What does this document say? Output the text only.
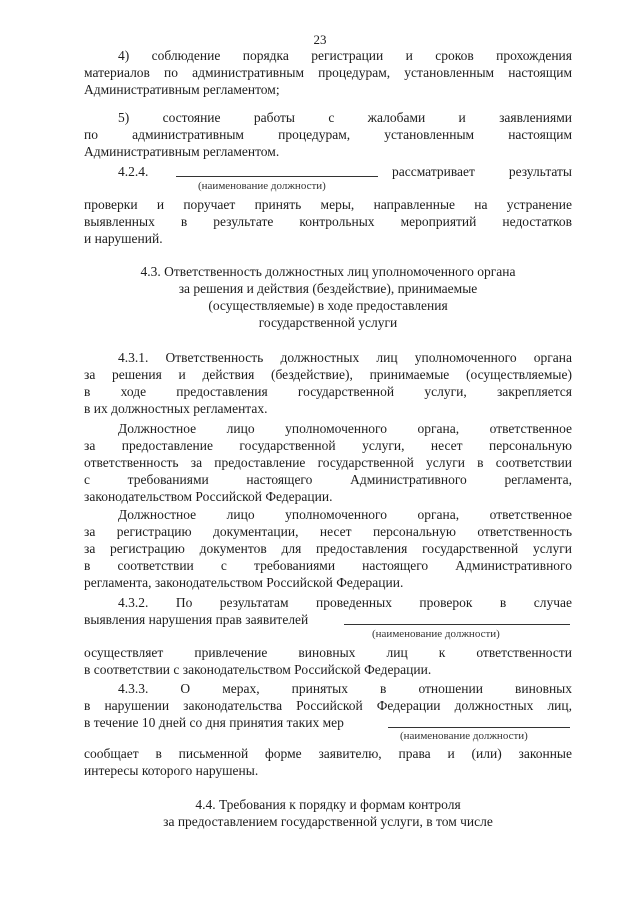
23
4) соблюдение порядка регистрации и сроков прохождения
материалов по административным процедурам, установленным настоящим
Административным регламентом;
5) состояние работы с жалобами и заявлениями
по административным процедурам, установленным настоящим
Административным регламентом.
4.2.4.	рассматривает результаты
(наименование должности)
проверки и поручает принять меры, направленные на устранение
выявленных в результате контрольных мероприятий недостатков
и нарушений.
4.3. Ответственность должностных лиц уполномоченного органа
за решения и действия (бездействие), принимаемые
(осуществляемые) в ходе предоставления
государственной услуги
4.3.1. Ответственность должностных лиц уполномоченного органа
за решения и действия (бездействие), принимаемые (осуществляемые)
в ходе предоставления государственной услуги, закрепляется
в их должностных регламентах.
Должностное лицо уполномоченного органа, ответственное
за предоставление государственной услуги, несет персональную
ответственность за предоставление государственной услуги в соответствии
с требованиями настоящего Административного регламента,
законодательством Российской Федерации.
Должностное лицо уполномоченного органа, ответственное
за регистрацию документации, несет персональную ответственность
за регистрацию документов для предоставления государственной услуги
в соответствии с требованиями настоящего Административного
регламента, законодательством Российской Федерации.
4.3.2. По результатам проведенных проверок в случае
выявления нарушения прав заявителей
(наименование должности)
осуществляет привлечение виновных лиц к ответственности
в соответствии с законодательством Российской Федерации.
4.3.3. О мерах, принятых в отношении виновных
в нарушении законодательства Российской Федерации должностных лиц,
в течение 10 дней со дня принятия таких мер
(наименование должности)
сообщает в письменной форме заявителю, права и (или) законные
интересы которого нарушены.
4.4. Требования к порядку и формам контроля
за предоставлением государственной услуги, в том числе
